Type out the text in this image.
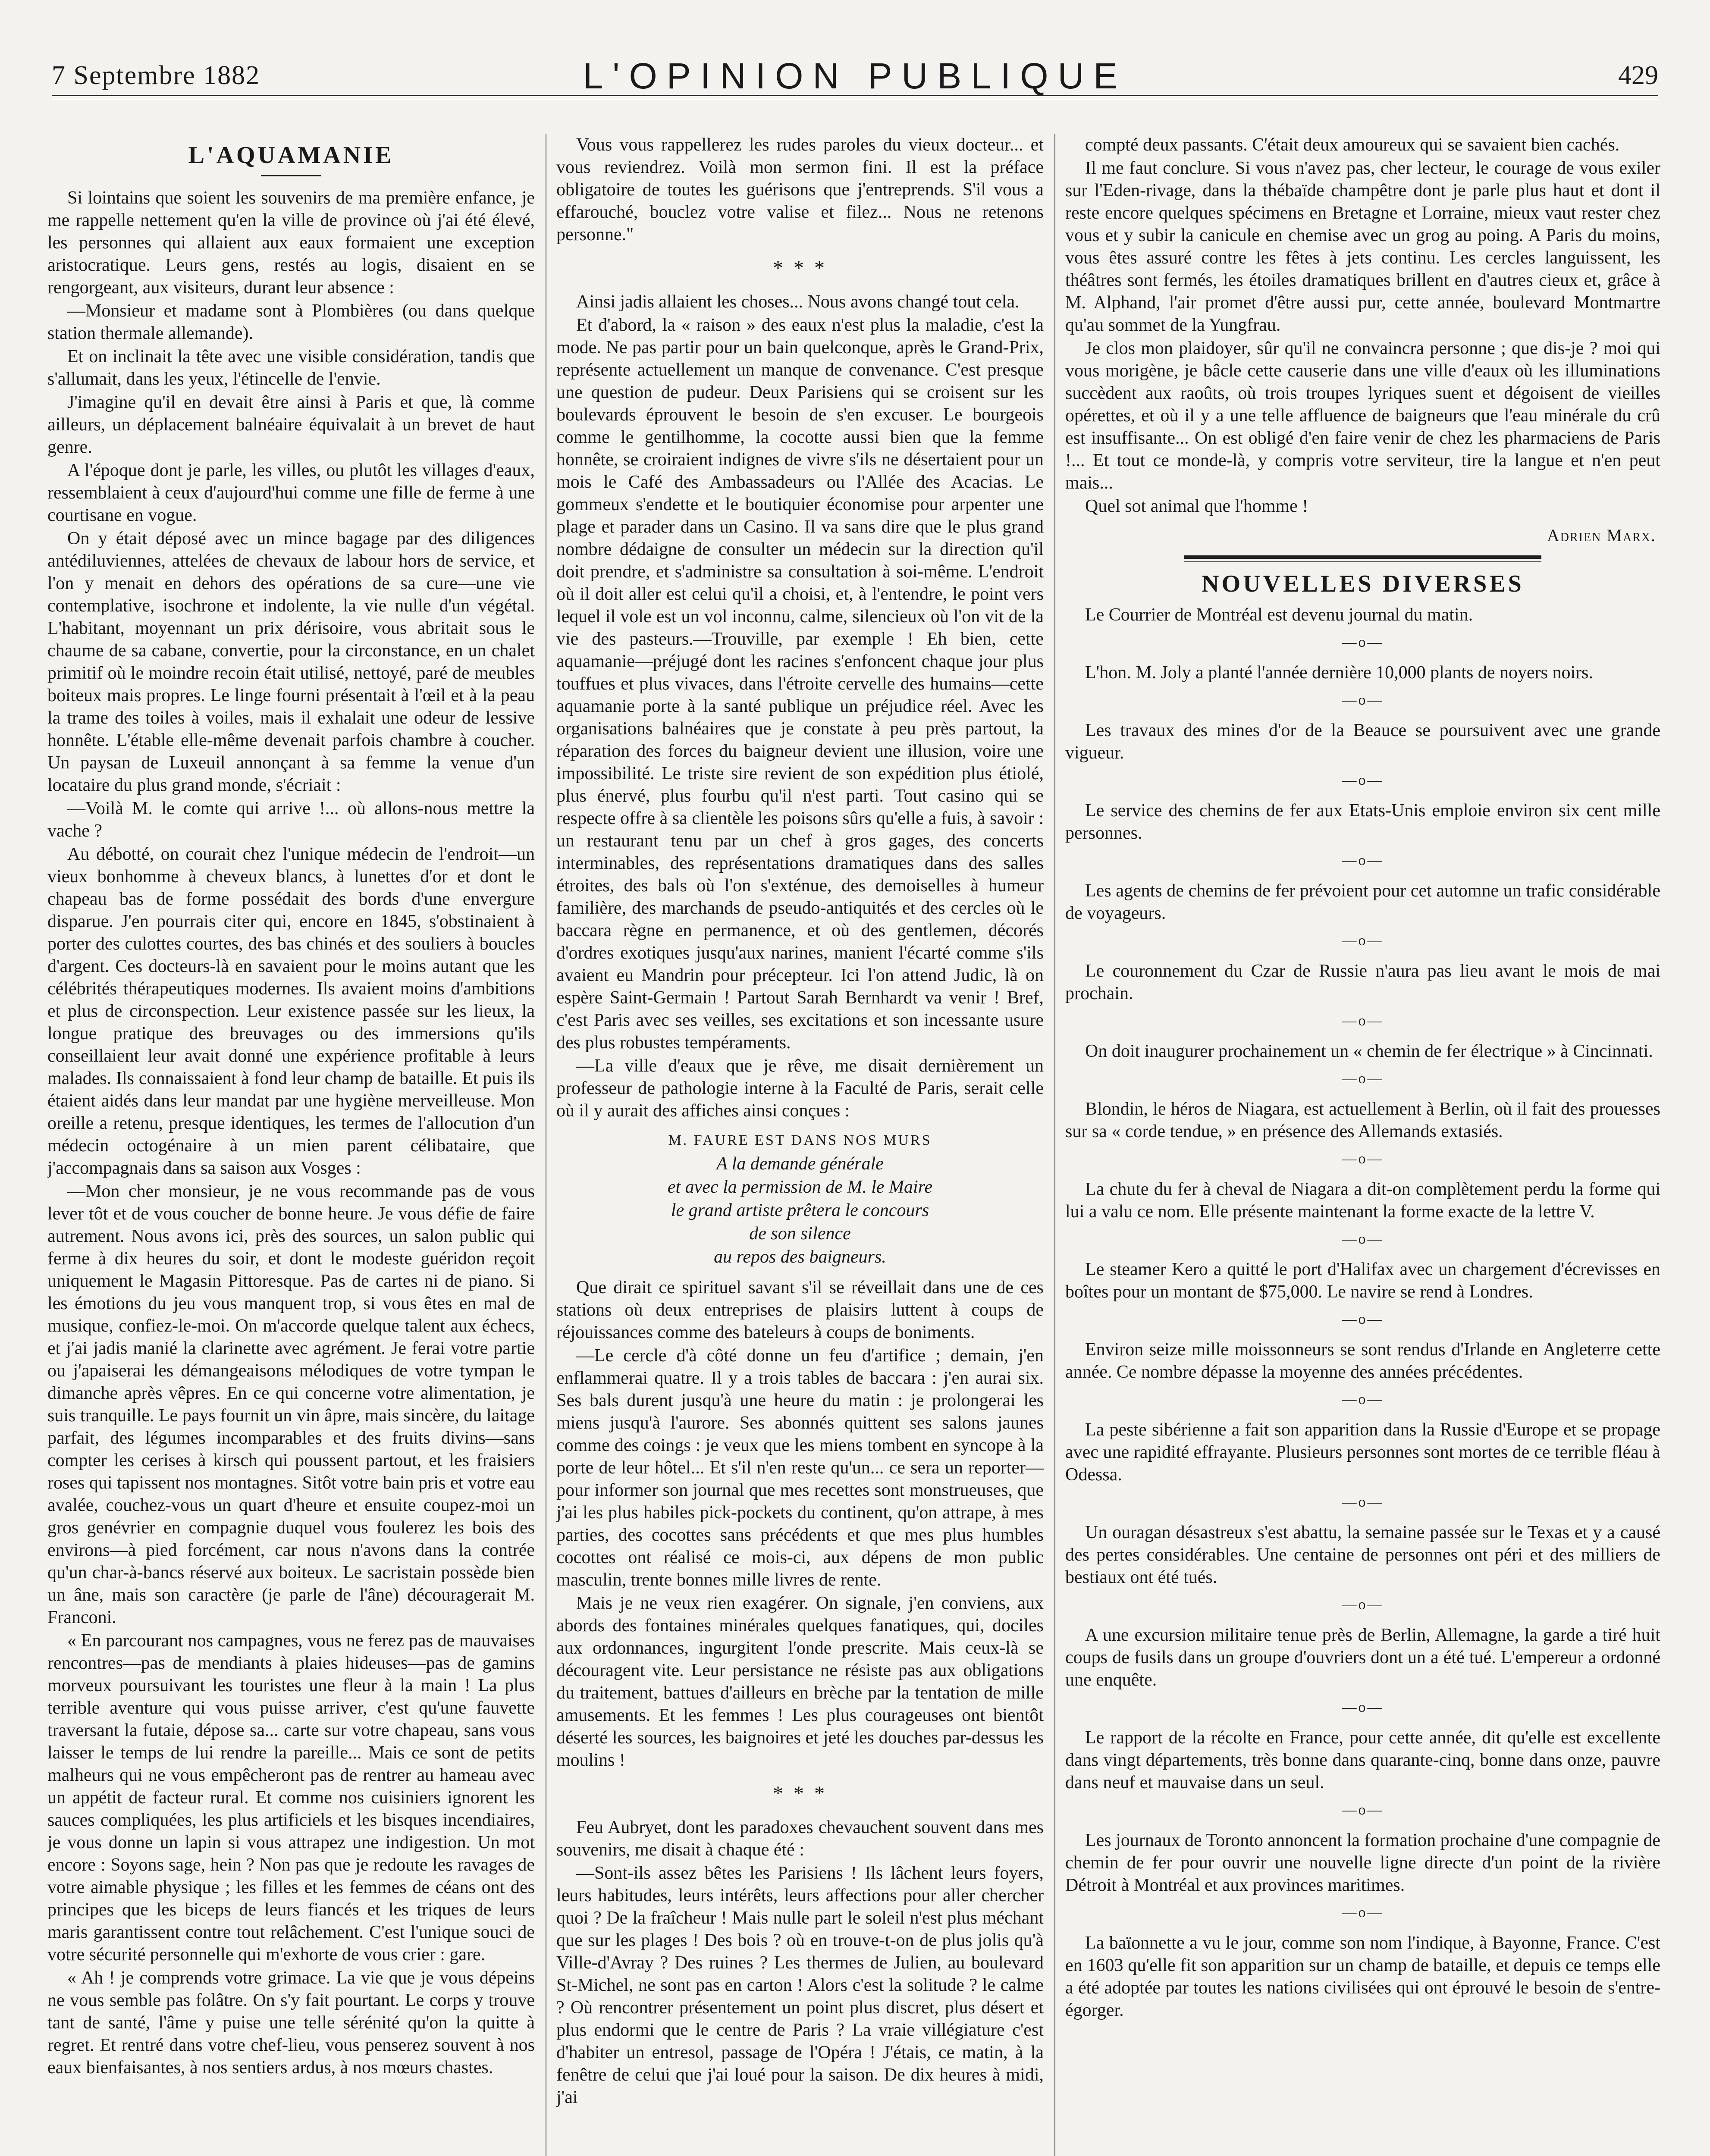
7 Septembre 1882	L'OPINION PUBLIQUE	429
L'AQUAMANIE

Si lointains que soient les souvenirs de ma première enfance, je me rappelle nettement qu'en la ville de province où j'ai été élevé, les personnes qui allaient aux eaux formaient une exception aristocratique. Leurs gens, restés au logis, disaient en se rengorgeant, aux visiteurs, durant leur absence :

—Monsieur et madame sont à Plombières (ou dans quelque station thermale allemande).

Et on inclinait la tête avec une visible considération, tandis que s'allumait, dans les yeux, l'étincelle de l'envie.

J'imagine qu'il en devait être ainsi à Paris et que, là comme ailleurs, un déplacement balnéaire équivalait à un brevet de haut genre.

A l'époque dont je parle, les villes, ou plutôt les villages d'eaux, ressemblaient à ceux d'aujourd'hui comme une fille de ferme à une courtisane en vogue.

On y était déposé avec un mince bagage par des diligences antédiluviennes, attelées de chevaux de labour hors de service, et l'on y menait en dehors des opérations de sa cure—une vie contemplative, isochrone et indolente, la vie nulle d'un végétal. L'habitant, moyennant un prix dérisoire, vous abritait sous le chaume de sa cabane, convertie, pour la circonstance, en un chalet primitif où le moindre recoin était utilisé, nettoyé, paré de meubles boiteux mais propres. Le linge fourni présentait à l'œil et à la peau la trame des toiles à voiles, mais il exhalait une odeur de lessive honnête. L'étable elle-même devenait parfois chambre à coucher. Un paysan de Luxeuil annonçant à sa femme la venue d'un locataire du plus grand monde, s'écriait :

—Voilà M. le comte qui arrive !... où allons-nous mettre la vache ?

Au débotté, on courait chez l'unique médecin de l'endroit—un vieux bonhomme à cheveux blancs, à lunettes d'or et dont le chapeau bas de forme possédait des bords d'une envergure disparue. J'en pourrais citer qui, encore en 1845, s'obstinaient à porter des culottes courtes, des bas chinés et des souliers à boucles d'argent. Ces docteurs-là en savaient pour le moins autant que les célébrités thérapeutiques modernes. Ils avaient moins d'ambitions et plus de circonspection. Leur existence passée sur les lieux, la longue pratique des breuvages ou des immersions qu'ils conseillaient leur avait donné une expérience profitable à leurs malades. Ils connaissaient à fond leur champ de bataille. Et puis ils étaient aidés dans leur mandat par une hygiène merveilleuse. Mon oreille a retenu, presque identiques, les termes de l'allocution d'un médecin octogénaire à un mien parent célibataire, que j'accompagnais dans sa saison aux Vosges :

—Mon cher monsieur, je ne vous recommande pas de vous lever tôt et de vous coucher de bonne heure. Je vous défie de faire autrement. Nous avons ici, près des sources, un salon public qui ferme à dix heures du soir, et dont le modeste guéridon reçoit uniquement le Magasin Pittoresque. Pas de cartes ni de piano. Si les émotions du jeu vous manquent trop, si vous êtes en mal de musique, confiez-le-moi. On m'accorde quelque talent aux échecs, et j'ai jadis manié la clarinette avec agrément. Je ferai votre partie ou j'apaiserai les démangeaisons mélodiques de votre tympan le dimanche après vêpres. En ce qui concerne votre alimentation, je suis tranquille. Le pays fournit un vin âpre, mais sincère, du laitage parfait, des légumes incomparables et des fruits divins—sans compter les cerises à kirsch qui poussent partout, et les fraisiers roses qui tapissent nos montagnes. Sitôt votre bain pris et votre eau avalée, couchez-vous un quart d'heure et ensuite coupez-moi un gros genévrier en compagnie duquel vous foulerez les bois des environs—à pied forcément, car nous n'avons dans la contrée qu'un char-à-bancs réservé aux boiteux. Le sacristain possède bien un âne, mais son caractère (je parle de l'âne) découragerait M. Franconi.

« En parcourant nos campagnes, vous ne ferez pas de mauvaises rencontres—pas de mendiants à plaies hideuses—pas de gamins morveux poursuivant les touristes une fleur à la main ! La plus terrible aventure qui vous puisse arriver, c'est qu'une fauvette traversant la futaie, dépose sa... carte sur votre chapeau, sans vous laisser le temps de lui rendre la pareille... Mais ce sont de petits malheurs qui ne vous empêcheront pas de rentrer au hameau avec un appétit de facteur rural. Et comme nos cuisiniers ignorent les sauces compliquées, les plus artificiels et les bisques incendiaires, je vous donne un lapin si vous attrapez une indigestion. Un mot encore : Soyons sage, hein ? Non pas que je redoute les ravages de votre aimable physique ; les filles et les femmes de céans ont des principes que les biceps de leurs fiancés et les triques de leurs maris garantissent contre tout relâchement. C'est l'unique souci de votre sécurité personnelle qui m'exhorte de vous crier : gare.

« Ah ! je comprends votre grimace. La vie que je vous dépeins ne vous semble pas folâtre. On s'y fait pourtant. Le corps y trouve tant de santé, l'âme y puise une telle sérénité qu'on la quitte à regret. Et rentré dans votre chef-lieu, vous penserez souvent à nos eaux bienfaisantes, à nos sentiers ardus, à nos mœurs chastes.

Vous vous rappellerez les rudes paroles du vieux docteur... et vous reviendrez. Voilà mon sermon fini. Il est la préface obligatoire de toutes les guérisons que j'entreprends. S'il vous a effarouché, bouclez votre valise et filez... Nous ne retenons personne."

* * *

Ainsi jadis allaient les choses... Nous avons changé tout cela.

Et d'abord, la « raison » des eaux n'est plus la maladie, c'est la mode. Ne pas partir pour un bain quelconque, après le Grand-Prix, représente actuellement un manque de convenance. C'est presque une question de pudeur. Deux Parisiens qui se croisent sur les boulevards éprouvent le besoin de s'en excuser. Le bourgeois comme le gentilhomme, la cocotte aussi bien que la femme honnête, se croiraient indignes de vivre s'ils ne désertaient pour un mois le Café des Ambassadeurs ou l'Allée des Acacias. Le gommeux s'endette et le boutiquier économise pour arpenter une plage et parader dans un Casino. Il va sans dire que le plus grand nombre dédaigne de consulter un médecin sur la direction qu'il doit prendre, et s'administre sa consultation à soi-même. L'endroit où il doit aller est celui qu'il a choisi, et, à l'entendre, le point vers lequel il vole est un vol inconnu, calme, silencieux où l'on vit de la vie des pasteurs.—Trouville, par exemple ! Eh bien, cette aquamanie—préjugé dont les racines s'enfoncent chaque jour plus touffues et plus vivaces, dans l'étroite cervelle des humains—cette aquamanie porte à la santé publique un préjudice réel. Avec les organisations balnéaires que je constate à peu près partout, la réparation des forces du baigneur devient une illusion, voire une impossibilité. Le triste sire revient de son expédition plus étiolé, plus énervé, plus fourbu qu'il n'est parti. Tout casino qui se respecte offre à sa clientèle les poisons sûrs qu'elle a fuis, à savoir : un restaurant tenu par un chef à gros gages, des concerts interminables, des représentations dramatiques dans des salles étroites, des bals où l'on s'exténue, des demoiselles à humeur familière, des marchands de pseudo-antiquités et des cercles où le baccara règne en permanence, et où des gentlemen, décorés d'ordres exotiques jusqu'aux narines, manient l'écarté comme s'ils avaient eu Mandrin pour précepteur. Ici l'on attend Judic, là on espère Saint-Germain ! Partout Sarah Bernhardt va venir ! Bref, c'est Paris avec ses veilles, ses excitations et son incessante usure des plus robustes tempéraments.

—La ville d'eaux que je rêve, me disait dernièrement un professeur de pathologie interne à la Faculté de Paris, serait celle où il y aurait des affiches ainsi conçues :

M. FAURE EST DANS NOS MURS
A la demande générale
et avec la permission de M. le Maire
le grand artiste prêtera le concours
de son silence
au repos des baigneurs.

Que dirait ce spirituel savant s'il se réveillait dans une de ces stations où deux entreprises de plaisirs luttent à coups de réjouissances comme des bateleurs à coups de boniments.

—Le cercle d'à côté donne un feu d'artifice ; demain, j'en enflammerai quatre. Il y a trois tables de baccara : j'en aurai six. Ses bals durent jusqu'à une heure du matin : je prolongerai les miens jusqu'à l'aurore. Ses abonnés quittent ses salons jaunes comme des coings : je veux que les miens tombent en syncope à la porte de leur hôtel... Et s'il n'en reste qu'un... ce sera un reporter—pour informer son journal que mes recettes sont monstrueuses, que j'ai les plus habiles pick-pockets du continent, qu'on attrape, à mes parties, des cocottes sans précédents et que mes plus humbles cocottes ont réalisé ce mois-ci, aux dépens de mon public masculin, trente bonnes mille livres de rente.

Mais je ne veux rien exagérer. On signale, j'en conviens, aux abords des fontaines minérales quelques fanatiques, qui, dociles aux ordonnances, ingurgitent l'onde prescrite. Mais ceux-là se découragent vite. Leur persistance ne résiste pas aux obligations du traitement, battues d'ailleurs en brèche par la tentation de mille amusements. Et les femmes ! Les plus courageuses ont bientôt déserté les sources, les baignoires et jeté les douches par-dessus les moulins !

* * *

Feu Aubryet, dont les paradoxes chevauchent souvent dans mes souvenirs, me disait à chaque été :

—Sont-ils assez bêtes les Parisiens ! Ils lâchent leurs foyers, leurs habitudes, leurs intérêts, leurs affections pour aller chercher quoi ? De la fraîcheur ! Mais nulle part le soleil n'est plus méchant que sur les plages ! Des bois ? où en trouve-t-on de plus jolis qu'à Ville-d'Avray ? Des ruines ? Les thermes de Julien, au boulevard St-Michel, ne sont pas en carton ! Alors c'est la solitude ? le calme ? Où rencontrer présentement un point plus discret, plus désert et plus endormi que le centre de Paris ? La vraie villégiature c'est d'habiter un entresol, passage de l'Opéra ! J'étais, ce matin, à la fenêtre de celui que j'ai loué pour la saison. De dix heures à midi, j'ai

compté deux passants. C'était deux amoureux qui se savaient bien cachés.

Il me faut conclure. Si vous n'avez pas, cher lecteur, le courage de vous exiler sur l'Eden-rivage, dans la thébaïde champêtre dont je parle plus haut et dont il reste encore quelques spécimens en Bretagne et Lorraine, mieux vaut rester chez vous et y subir la canicule en chemise avec un grog au poing. A Paris du moins, vous êtes assuré contre les fêtes à jets continu. Les cercles languissent, les théâtres sont fermés, les étoiles dramatiques brillent en d'autres cieux et, grâce à M. Alphand, l'air promet d'être aussi pur, cette année, boulevard Montmartre qu'au sommet de la Yungfrau.

Je clos mon plaidoyer, sûr qu'il ne convaincra personne ; que dis-je ? moi qui vous morigène, je bâcle cette causerie dans une ville d'eaux où les illuminations succèdent aux raoûts, où trois troupes lyriques suent et dégoisent de vieilles opérettes, et où il y a une telle affluence de baigneurs que l'eau minérale du crû est insuffisante... On est obligé d'en faire venir de chez les pharmaciens de Paris !... Et tout ce monde-là, y compris votre serviteur, tire la langue et n'en peut mais...

Quel sot animal que l'homme !

Adrien Marx.
NOUVELLES DIVERSES

Le Courrier de Montréal est devenu journal du matin.

—o—

L'hon. M. Joly a planté l'année dernière 10,000 plants de noyers noirs.

—o—

Les travaux des mines d'or de la Beauce se poursuivent avec une grande vigueur.

—o—

Le service des chemins de fer aux Etats-Unis emploie environ six cent mille personnes.

—o—

Les agents de chemins de fer prévoient pour cet automne un trafic considérable de voyageurs.

—o—

Le couronnement du Czar de Russie n'aura pas lieu avant le mois de mai prochain.

—o—

On doit inaugurer prochainement un « chemin de fer électrique » à Cincinnati.

—o—

Blondin, le héros de Niagara, est actuellement à Berlin, où il fait des prouesses sur sa « corde tendue, » en présence des Allemands extasiés.

—o—

La chute du fer à cheval de Niagara a dit-on complètement perdu la forme qui lui a valu ce nom. Elle présente maintenant la forme exacte de la lettre V.

—o—

Le steamer Kero a quitté le port d'Halifax avec un chargement d'écrevisses en boîtes pour un montant de $75,000. Le navire se rend à Londres.

—o—

Environ seize mille moissonneurs se sont rendus d'Irlande en Angleterre cette année. Ce nombre dépasse la moyenne des années précédentes.

—o—

La peste sibérienne a fait son apparition dans la Russie d'Europe et se propage avec une rapidité effrayante. Plusieurs personnes sont mortes de ce terrible fléau à Odessa.

—o—

Un ouragan désastreux s'est abattu, la semaine passée sur le Texas et y a causé des pertes considérables. Une centaine de personnes ont péri et des milliers de bestiaux ont été tués.

—o—

A une excursion militaire tenue près de Berlin, Allemagne, la garde a tiré huit coups de fusils dans un groupe d'ouvriers dont un a été tué. L'empereur a ordonné une enquête.

—o—

Le rapport de la récolte en France, pour cette année, dit qu'elle est excellente dans vingt départements, très bonne dans quarante-cinq, bonne dans onze, pauvre dans neuf et mauvaise dans un seul.

—o—

Les journaux de Toronto annoncent la formation prochaine d'une compagnie de chemin de fer pour ouvrir une nouvelle ligne directe d'un point de la rivière Détroit à Montréal et aux provinces maritimes.

—o—

La baïonnette a vu le jour, comme son nom l'indique, à Bayonne, France. C'est en 1603 qu'elle fit son apparition sur un champ de bataille, et depuis ce temps elle a été adoptée par toutes les nations civilisées qui ont éprouvé le besoin de s'entre-égorger.
